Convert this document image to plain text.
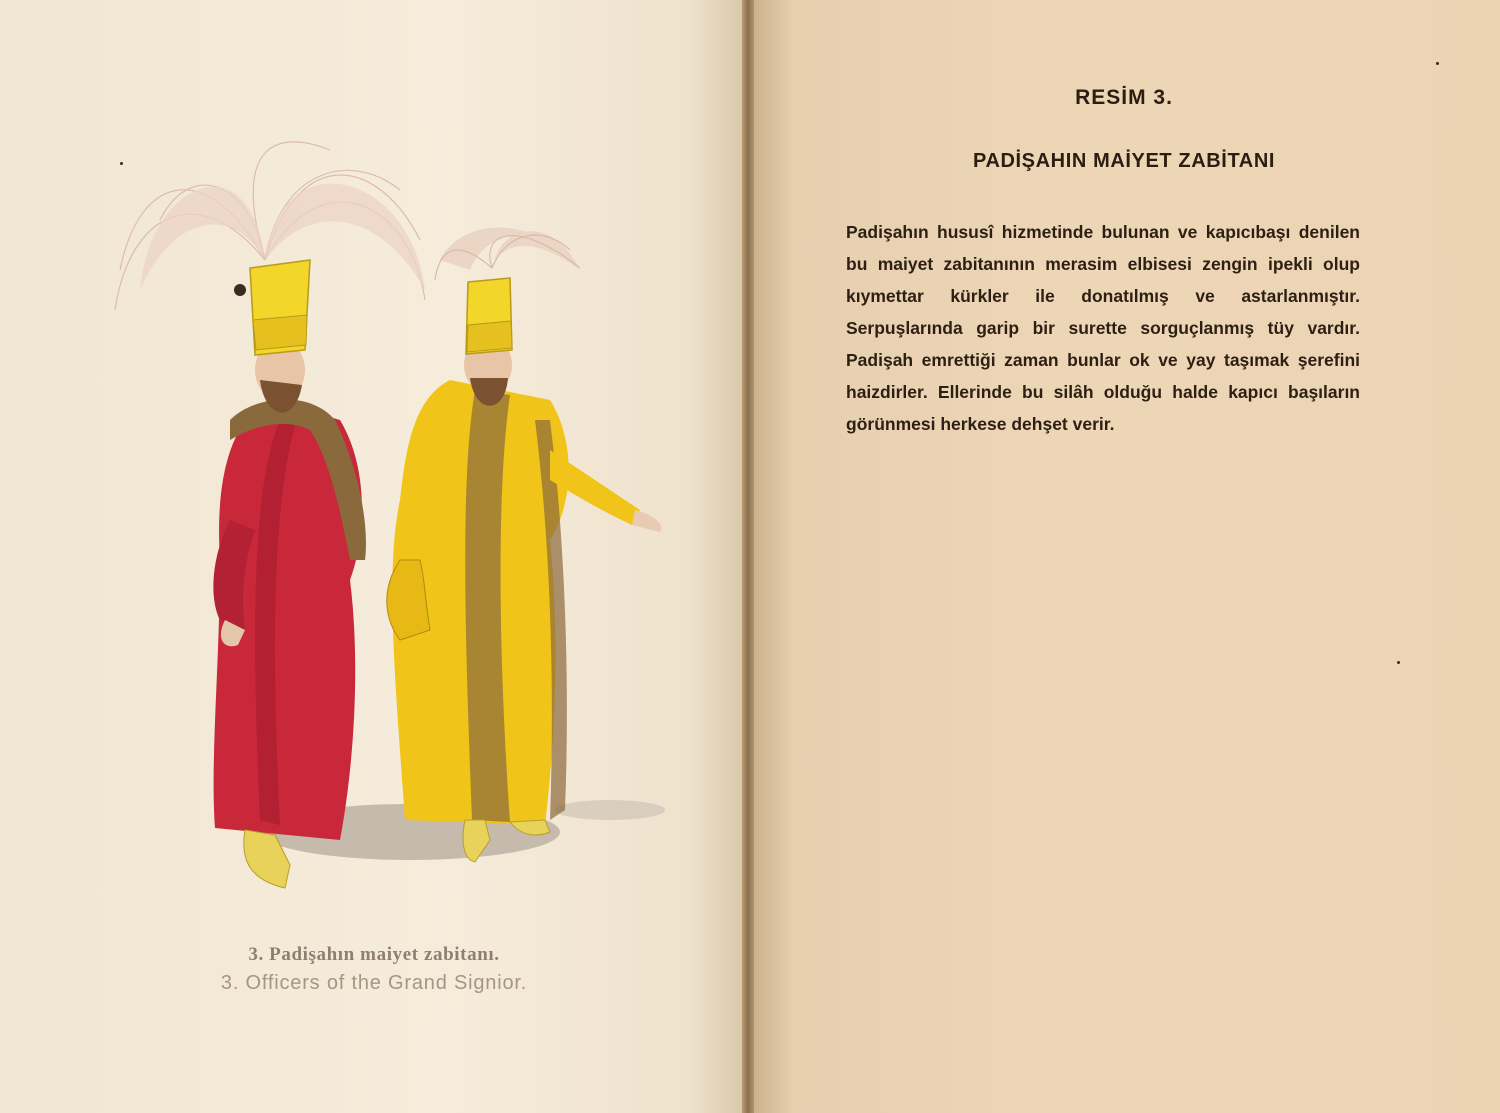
3. Padişahın maiyet zabitanı.
3. Officers of the Grand Signior.
RESİM 3.
PADİŞAHIN MAİYET ZABİTANI

Padişahın hususî hizmetinde bulunan ve kapıcıbaşı denilen bu maiyet zabitanının merasim elbisesi zengin ipekli olup kıymettar kürkler ile donatılmış ve astarlanmıştır. Serpuşlarında garip bir surette sorguçlanmış tüy vardır. Padişah emrettiği zaman bunlar ok ve yay taşımak şerefini haizdirler. Ellerinde bu silâh olduğu halde kapıcı başıların görünmesi herkese dehşet verir.
